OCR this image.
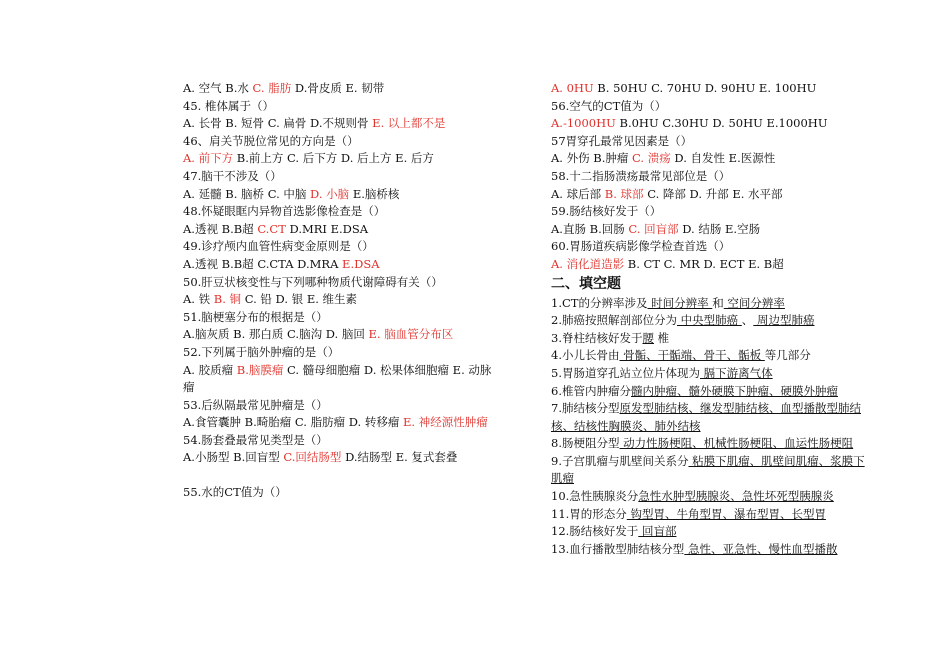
A. 空气 B.水 C. 脂肪 D.骨皮质 E. 韧带
45. 椎体属于（）
A. 长骨 B. 短骨 C. 扁骨 D.不规则骨 E. 以上都不是
46、肩关节脱位常见的方向是（）
A. 前下方 B.前上方 C. 后下方 D. 后上方 E. 后方
47.脑干不涉及（）
A. 延髓 B. 脑桥 C. 中脑 D. 小脑 E.脑桥核
48.怀疑眼眶内异物首选影像检查是（）
A.透视 B.B超 C.CT D.MRI E.DSA
49.诊疗颅内血管性病变金原则是（）
A.透视 B.B超 C.CTA D.MRA E.DSA
50.肝豆状核变性与下列哪种物质代谢障碍有关（）
A. 铁 B. 铜 C. 铅 D. 银 E. 维生素
51.脑梗塞分布的根据是（）
A.脑灰质 B. 那白质 C.脑沟 D. 脑回 E. 脑血管分布区
52.下列属于脑外肿瘤的是（）
A. 胶质瘤 B.脑膜瘤 C. 髓母细胞瘤 D. 松果体细胞瘤 E. 动脉瘤
53.后纵隔最常见肿瘤是（）
A.食管囊肿 B.畸胎瘤 C. 脂肪瘤 D. 转移瘤 E. 神经源性肿瘤
54.肠套叠最常见类型是（）
A.小肠型 B.回盲型 C.回结肠型 D.结肠型 E. 复式套叠
55.水的CT值为（）
A. 0HU B. 50HU C. 70HU D. 90HU E. 100HU
56.空气的CT值为（）
A.-1000HU B.0HU C.30HU D. 50HU E.1000HU
57胃穿孔最常见因素是（）
A. 外伤 B.肿瘤 C. 溃疡 D. 自发性 E.医源性
58.十二指肠溃疡最常见部位是（）
A. 球后部 B. 球部 C. 降部 D. 升部 E. 水平部
59.肠结核好发于（）
A.直肠 B.回肠 C. 回盲部 D. 结肠 E.空肠
60.胃肠道疾病影像学检查首选（）
A. 消化道造影 B. CT C. MR D. ECT E. B超
二、填空题
1.CT的分辨率涉及 时间分辨率 和 空间分辨率
2.肺癌按照解剖部位分为 中央型肺癌 、 周边型肺癌
3.脊柱结核好发于腰 椎
4.小儿长骨由 骨骺、干骺端、骨干、骺板 等几部分
5.胃肠道穿孔站立位片体现为 膈下游离气体
6.椎管内肿瘤分髓内肿瘤、髓外硬膜下肿瘤、硬膜外肿瘤
7.肺结核分型原发型肺结核、继发型肺结核、血型播散型肺结核、结核性胸膜炎、肺外结核
8.肠梗阻分型 动力性肠梗阻、机械性肠梗阻、血运性肠梗阻
9.子宫肌瘤与肌壁间关系分 粘膜下肌瘤、肌壁间肌瘤、浆膜下肌瘤
10.急性胰腺炎分急性水肿型胰腺炎、急性坏死型胰腺炎
11.胃的形态分 钩型胃、牛角型胃、瀑布型胃、长型胃
12.肠结核好发于 回盲部
13.血行播散型肺结核分型 急性、亚急性、慢性血型播散
